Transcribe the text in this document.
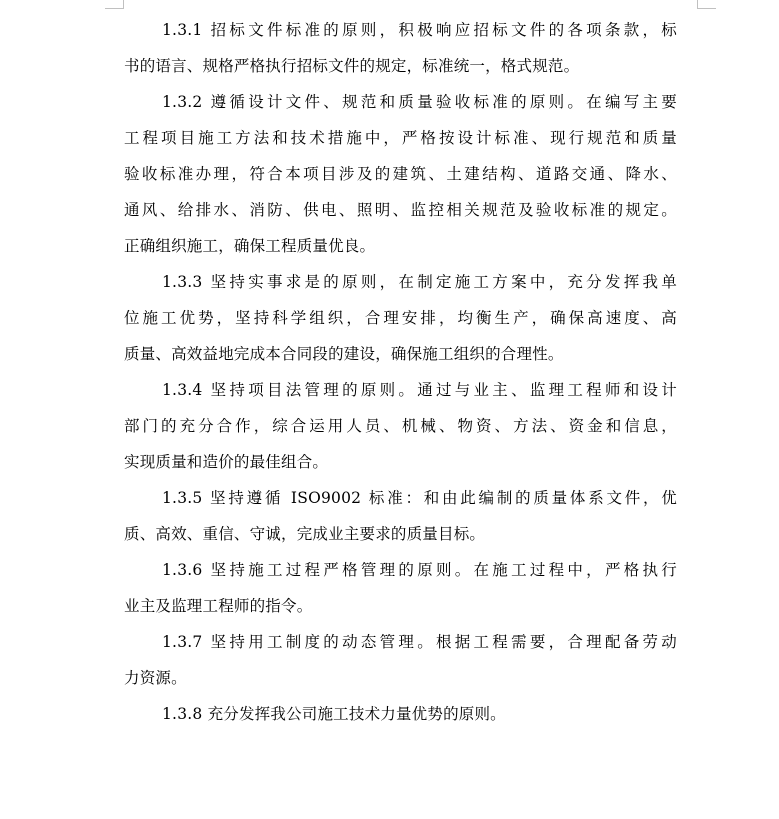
1.3.1 招标文件标准的原则，积极响应招标文件的各项条款，标
书的语言、规格严格执行招标文件的规定，标准统一，格式规范。

1.3.2 遵循设计文件、规范和质量验收标准的原则。在编写主要
工程项目施工方法和技术措施中，严格按设计标准、现行规范和质量
验收标准办理，符合本项目涉及的建筑、土建结构、道路交通、降水、
通风、给排水、消防、供电、照明、监控相关规范及验收标准的规定。
正确组织施工，确保工程质量优良。

1.3.3 坚持实事求是的原则，在制定施工方案中，充分发挥我单
位施工优势，坚持科学组织，合理安排，均衡生产，确保高速度、高
质量、高效益地完成本合同段的建设，确保施工组织的合理性。

1.3.4 坚持项目法管理的原则。通过与业主、监理工程师和设计
部门的充分合作，综合运用人员、机械、物资、方法、资金和信息，
实现质量和造价的最佳组合。

1.3.5 坚持遵循 ISO9002 标准：和由此编制的质量体系文件，优
质、高效、重信、守诚，完成业主要求的质量目标。

1.3.6 坚持施工过程严格管理的原则。在施工过程中，严格执行
业主及监理工程师的指令。

1.3.7 坚持用工制度的动态管理。根据工程需要，合理配备劳动
力资源。

1.3.8 充分发挥我公司施工技术力量优势的原则。
